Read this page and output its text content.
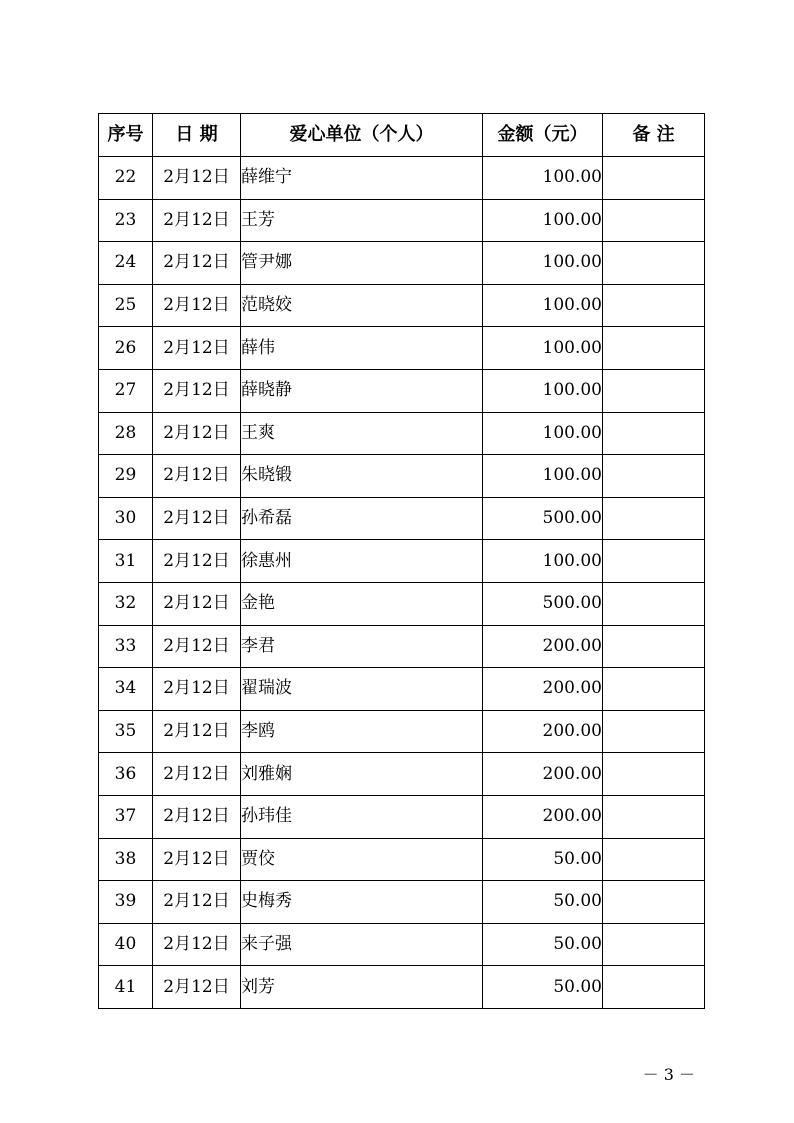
序号	日 期	爱心单位（个人）	金额（元）	备 注
22	2月12日	薛维宁	100.00	
23	2月12日	王芳	100.00	
24	2月12日	管尹娜	100.00	
25	2月12日	范晓姣	100.00	
26	2月12日	薛伟	100.00	
27	2月12日	薛晓静	100.00	
28	2月12日	王爽	100.00	
29	2月12日	朱晓锻	100.00	
30	2月12日	孙希磊	500.00	
31	2月12日	徐惠州	100.00	
32	2月12日	金艳	500.00	
33	2月12日	李君	200.00	
34	2月12日	翟瑞波	200.00	
35	2月12日	李鸥	200.00	
36	2月12日	刘雅娴	200.00	
37	2月12日	孙玮佳	200.00	
38	2月12日	贾佼	50.00	
39	2月12日	史梅秀	50.00	
40	2月12日	来子强	50.00	
41	2月12日	刘芳	50.00	
－ 3 －
